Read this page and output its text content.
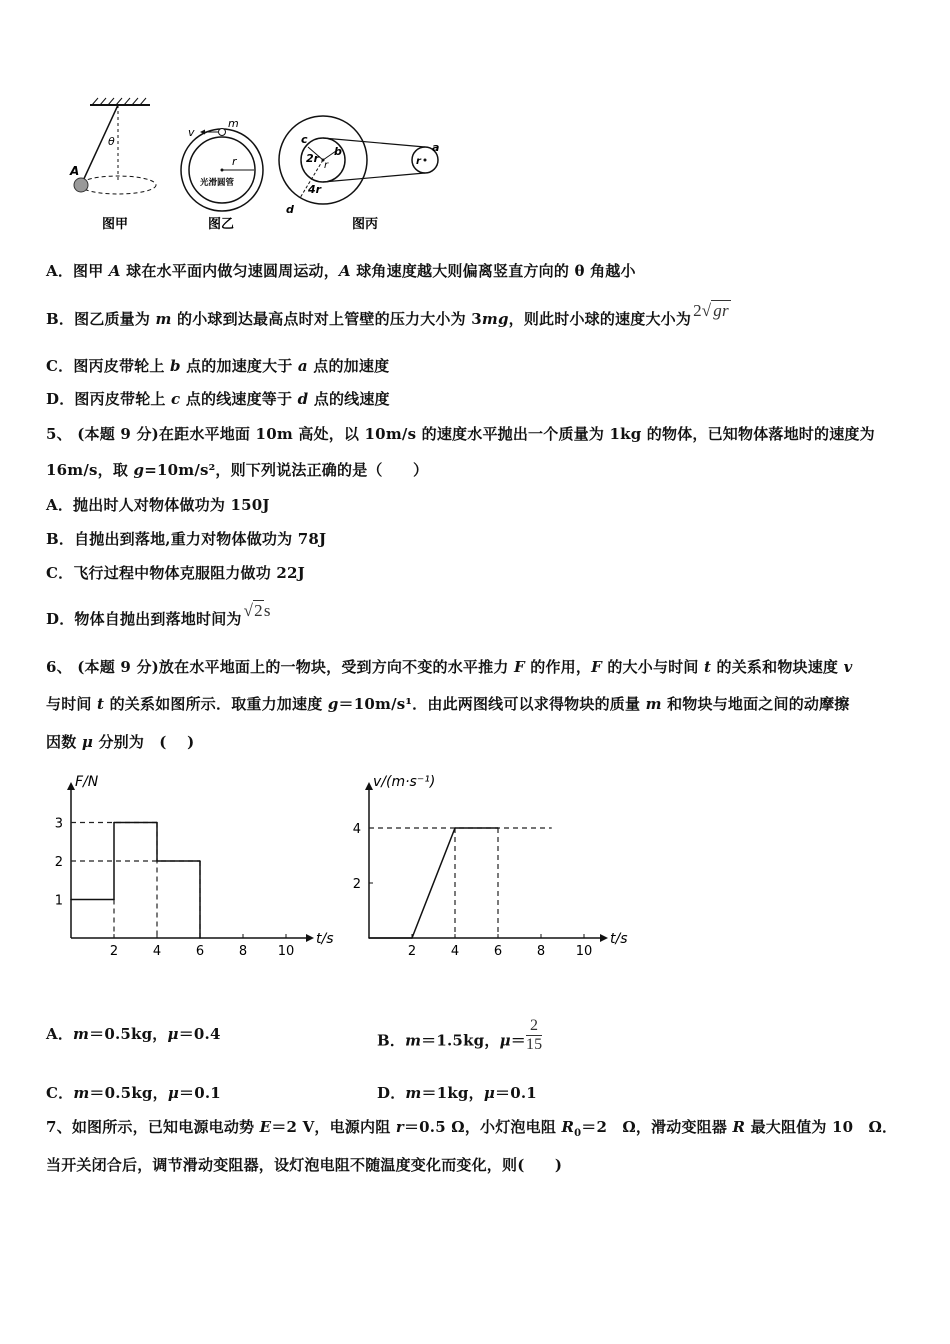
θ
A
图甲
v
m
r
光滑圆管
图乙
c
b
2r
r
4r
d
r
a
图丙
A．图甲 A 球在水平面内做匀速圆周运动，A 球角速度越大则偏离竖直方向的 θ 角越小
B．图乙质量为 m 的小球到达最高点时对上管壁的压力大小为 3mg，则此时小球的速度大小为 2√ gr
C．图丙皮带轮上 b 点的加速度大于 a 点的加速度
D．图丙皮带轮上 c 点的线速度等于 d 点的线速度
5、 (本题 9 分)在距水平地面 10m 高处，以 10m/s 的速度水平抛出一个质量为 1kg 的物体，已知物体落地时的速度为
16m/s，取 g=10m/s²，则下列说法正确的是（　　）
A．抛出时人对物体做功为 150J
B．自抛出到落地,重力对物体做功为 78J
C．飞行过程中物体克服阻力做功 22J
D．物体自抛出到落地时间为 √2s
6、 (本题 9 分)放在水平地面上的一物块，受到方向不变的水平推力 F 的作用，F 的大小与时间 t 的关系和物块速度 v
与时间 t 的关系如图所示．取重力加速度 g＝10m/s¹．由此两图线可以求得物块的质量 m 和物块与地面之间的动摩擦
因数 μ 分别为　( 　)
t/s
F/N
2	4	6	8 10
1
2
3
t/s
v/(m·s⁻¹)
2	4	6	8 10
2
4
A．m＝0.5kg，μ＝0.4	B．m＝1.5kg，$\mu= \frac{2}{15}$
C．m＝0.5kg，μ＝0.1	D．m＝1kg，μ＝0.1
7、如图所示，已知电源电动势 E＝2 V，电源内阻 r＝0.5 Ω，小灯泡电阻 $R_0=2$　Ω，滑动变阻器 R 最大阻值为 10　Ω．
当开关闭合后，调节滑动变阻器，设灯泡电阻不随温度变化而变化，则(　　)
